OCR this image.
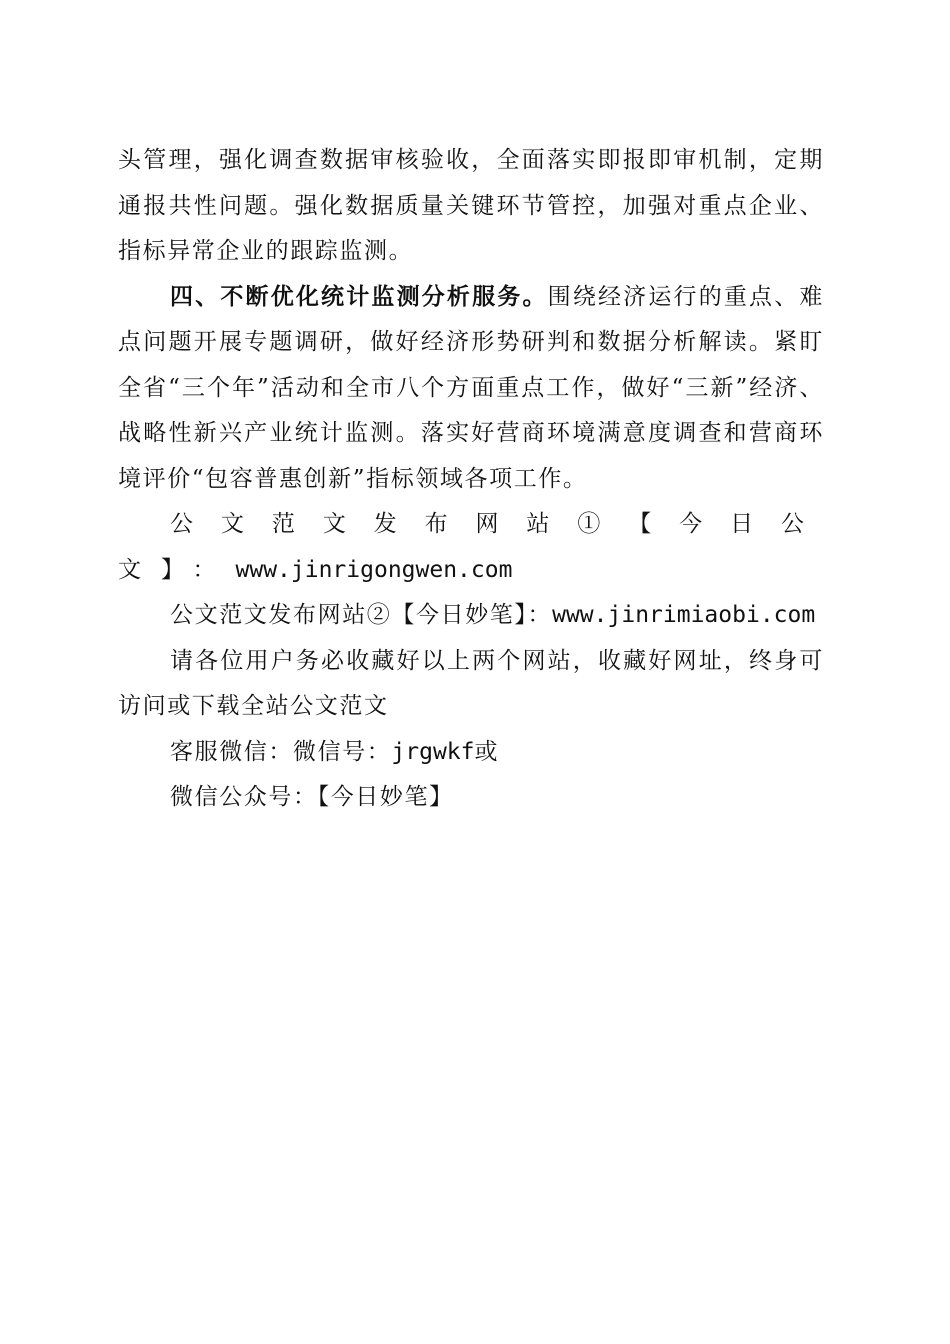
头管理，强化调查数据审核验收，全面落实即报即审机制，定期通报共性问题。强化数据质量关键环节管控，加强对重点企业、指标异常企业的跟踪监测。

四、不断优化统计监测分析服务。围绕经济运行的重点、难点问题开展专题调研，做好经济形势研判和数据分析解读。紧盯全省“三个年”活动和全市八个方面重点工作，做好“三新”经济、战略性新兴产业统计监测。落实好营商环境满意度调查和营商环境评价“包容普惠创新”指标领域各项工作。

公文范文发布网站①【今日公文】：www.jinrigongwen.com

公文范文发布网站②【今日妙笔】：www.jinrimiaobi.com

请各位用户务必收藏好以上两个网站，收藏好网址，终身可访问或下载全站公文范文

客服微信：微信号：jrgwkf或

微信公众号：【今日妙笔】
